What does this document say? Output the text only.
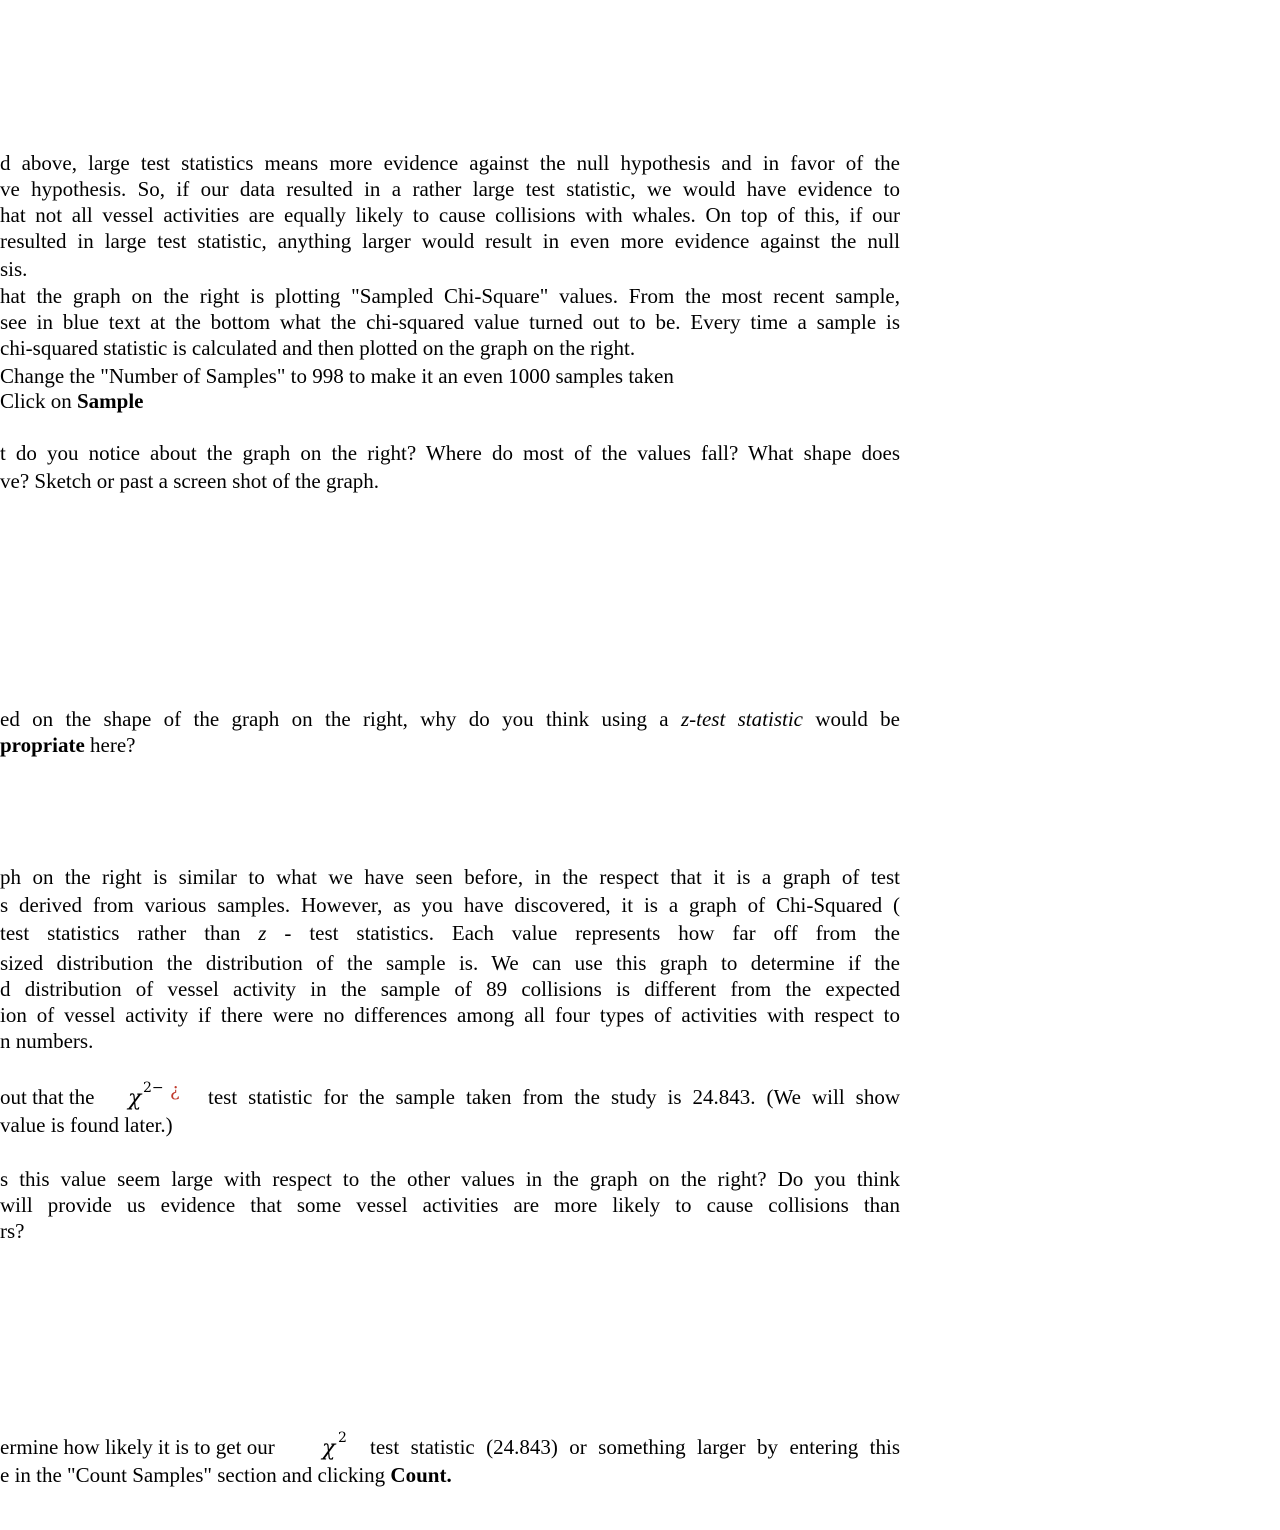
d above, large test statistics means more evidence against the null hypothesis and in favor of the
ve hypothesis. So, if our data resulted in a rather large test statistic, we would have evidence to
hat not all vessel activities are equally likely to cause collisions with whales. On top of this, if our
resulted in large test statistic, anything larger would result in even more evidence against the null
sis.
hat the graph on the right is plotting "Sampled Chi-Square" values. From the most recent sample,
see in blue text at the bottom what the chi-squared value turned out to be. Every time a sample is
chi-squared statistic is calculated and then plotted on the graph on the right.
Change the "Number of Samples" to 998 to make it an even 1000 samples taken
Click on Sample
t do you notice about the graph on the right? Where do most of the values fall? What shape does
ve? Sketch or past a screen shot of the graph.
ed on the shape of the graph on the right, why do you think using a z-test statistic would be
propriate here?
ph on the right is similar to what we have seen before, in the respect that it is a graph of test
s derived from various samples. However, as you have discovered, it is a graph of Chi-Squared (
test statistics rather than z - test statistics. Each value represents how far off from the
sized distribution the distribution of the sample is. We can use this graph to determine if the
d distribution of vessel activity in the sample of 89 collisions is different from the expected
ion of vessel activity if there were no differences among all four types of activities with respect to
n numbers.
out that the χ 2− ¿ test statistic for the sample taken from the study is 24.843. (We will show
value is found later.)
s this value seem large with respect to the other values in the graph on the right? Do you think
will provide us evidence that some vessel activities are more likely to cause collisions than
rs?
ermine how likely it is to get our χ 2 test statistic (24.843) or something larger by entering this
e in the "Count Samples" section and clicking Count.
